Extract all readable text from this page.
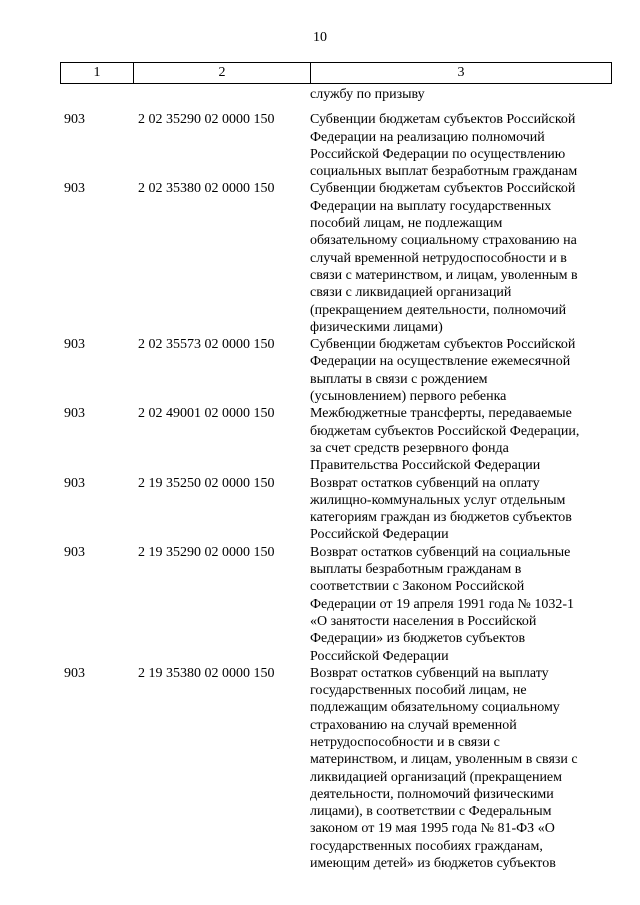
10
1	2	3
службу по призыву
903	2 02 35290 02 0000 150	Субвенции бюджетам субъектов Российской
Федерации на реализацию полномочий
Российской Федерации по осуществлению
социальных выплат безработным гражданам
903	2 02 35380 02 0000 150	Субвенции бюджетам субъектов Российской
Федерации на выплату государственных
пособий лицам, не подлежащим
обязательному социальному страхованию на
случай временной нетрудоспособности и в
связи с материнством, и лицам, уволенным в
связи с ликвидацией организаций
(прекращением деятельности, полномочий
физическими лицами)
903	2 02 35573 02 0000 150	Субвенции бюджетам субъектов Российской
Федерации на осуществление ежемесячной
выплаты в связи с рождением
(усыновлением) первого ребенка
903	2 02 49001 02 0000 150	Межбюджетные трансферты, передаваемые
бюджетам субъектов Российской Федерации,
за счет средств резервного фонда
Правительства Российской Федерации
903	2 19 35250 02 0000 150	Возврат остатков субвенций на оплату
жилищно-коммунальных услуг отдельным
категориям граждан из бюджетов субъектов
Российской Федерации
903	2 19 35290 02 0000 150	Возврат остатков субвенций на социальные
выплаты безработным гражданам в
соответствии с Законом Российской
Федерации от 19 апреля 1991 года № 1032-1
«О занятости населения в Российской
Федерации» из бюджетов субъектов
Российской Федерации
903	2 19 35380 02 0000 150	Возврат остатков субвенций на выплату
государственных пособий лицам, не
подлежащим обязательному социальному
страхованию на случай временной
нетрудоспособности и в связи с
материнством, и лицам, уволенным в связи с
ликвидацией организаций (прекращением
деятельности, полномочий физическими
лицами), в соответствии с Федеральным
законом от 19 мая 1995 года № 81-ФЗ «О
государственных пособиях гражданам,
имеющим детей» из бюджетов субъектов
